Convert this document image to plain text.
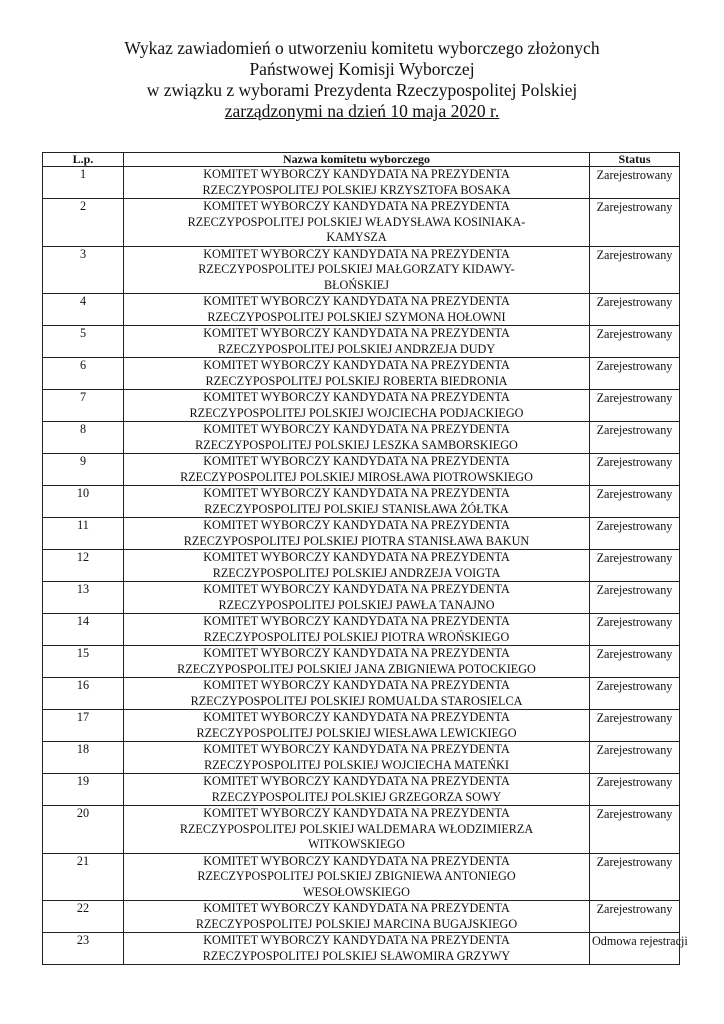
Wykaz zawiadomień o utworzeniu komitetu wyborczego złożonych
Państwowej Komisji Wyborczej
w związku z wyborami Prezydenta Rzeczypospolitej Polskiej
zarządzonymi na dzień 10 maja 2020 r.
L.p.	Nazwa komitetu wyborczego	Status
1	KOMITET WYBORCZY KANDYDATA NA PREZYDENTA
RZECZYPOSPOLITEJ POLSKIEJ KRZYSZTOFA BOSAKA	Zarejestrowany
2	KOMITET WYBORCZY KANDYDATA NA PREZYDENTA
RZECZYPOSPOLITEJ POLSKIEJ WŁADYSŁAWA KOSINIAKA-
KAMYSZA	Zarejestrowany
3	KOMITET WYBORCZY KANDYDATA NA PREZYDENTA
RZECZYPOSPOLITEJ POLSKIEJ MAŁGORZATY KIDAWY-
BŁOŃSKIEJ	Zarejestrowany
4	KOMITET WYBORCZY KANDYDATA NA PREZYDENTA
RZECZYPOSPOLITEJ POLSKIEJ SZYMONA HOŁOWNI	Zarejestrowany
5	KOMITET WYBORCZY KANDYDATA NA PREZYDENTA
RZECZYPOSPOLITEJ POLSKIEJ ANDRZEJA DUDY	Zarejestrowany
6	KOMITET WYBORCZY KANDYDATA NA PREZYDENTA
RZECZYPOSPOLITEJ POLSKIEJ ROBERTA BIEDRONIA	Zarejestrowany
7	KOMITET WYBORCZY KANDYDATA NA PREZYDENTA
RZECZYPOSPOLITEJ POLSKIEJ WOJCIECHA PODJACKIEGO	Zarejestrowany
8	KOMITET WYBORCZY KANDYDATA NA PREZYDENTA
RZECZYPOSPOLITEJ POLSKIEJ LESZKA SAMBORSKIEGO	Zarejestrowany
9	KOMITET WYBORCZY KANDYDATA NA PREZYDENTA
RZECZYPOSPOLITEJ POLSKIEJ MIROSŁAWA PIOTROWSKIEGO	Zarejestrowany
10	KOMITET WYBORCZY KANDYDATA NA PREZYDENTA
RZECZYPOSPOLITEJ POLSKIEJ STANISŁAWA ŻÓŁTKA	Zarejestrowany
11	KOMITET WYBORCZY KANDYDATA NA PREZYDENTA
RZECZYPOSPOLITEJ POLSKIEJ PIOTRA STANISŁAWA BAKUN	Zarejestrowany
12	KOMITET WYBORCZY KANDYDATA NA PREZYDENTA
RZECZYPOSPOLITEJ POLSKIEJ ANDRZEJA VOIGTA	Zarejestrowany
13	KOMITET WYBORCZY KANDYDATA NA PREZYDENTA
RZECZYPOSPOLITEJ POLSKIEJ PAWŁA TANAJNO	Zarejestrowany
14	KOMITET WYBORCZY KANDYDATA NA PREZYDENTA
RZECZYPOSPOLITEJ POLSKIEJ PIOTRA WROŃSKIEGO	Zarejestrowany
15	KOMITET WYBORCZY KANDYDATA NA PREZYDENTA
RZECZYPOSPOLITEJ POLSKIEJ JANA ZBIGNIEWA POTOCKIEGO	Zarejestrowany
16	KOMITET WYBORCZY KANDYDATA NA PREZYDENTA
RZECZYPOSPOLITEJ POLSKIEJ ROMUALDA STAROSIELCA	Zarejestrowany
17	KOMITET WYBORCZY KANDYDATA NA PREZYDENTA
RZECZYPOSPOLITEJ POLSKIEJ WIESŁAWA LEWICKIEGO	Zarejestrowany
18	KOMITET WYBORCZY KANDYDATA NA PREZYDENTA
RZECZYPOSPOLITEJ POLSKIEJ WOJCIECHA MATEŃKI	Zarejestrowany
19	KOMITET WYBORCZY KANDYDATA NA PREZYDENTA
RZECZYPOSPOLITEJ POLSKIEJ GRZEGORZA SOWY	Zarejestrowany
20	KOMITET WYBORCZY KANDYDATA NA PREZYDENTA
RZECZYPOSPOLITEJ POLSKIEJ WALDEMARA WŁODZIMIERZA
WITKOWSKIEGO	Zarejestrowany
21	KOMITET WYBORCZY KANDYDATA NA PREZYDENTA
RZECZYPOSPOLITEJ POLSKIEJ ZBIGNIEWA ANTONIEGO
WESOŁOWSKIEGO	Zarejestrowany
22	KOMITET WYBORCZY KANDYDATA NA PREZYDENTA
RZECZYPOSPOLITEJ POLSKIEJ MARCINA BUGAJSKIEGO	Zarejestrowany
23	KOMITET WYBORCZY KANDYDATA NA PREZYDENTA
RZECZYPOSPOLITEJ POLSKIEJ SŁAWOMIRA GRZYWY	Odmowa rejestracji
